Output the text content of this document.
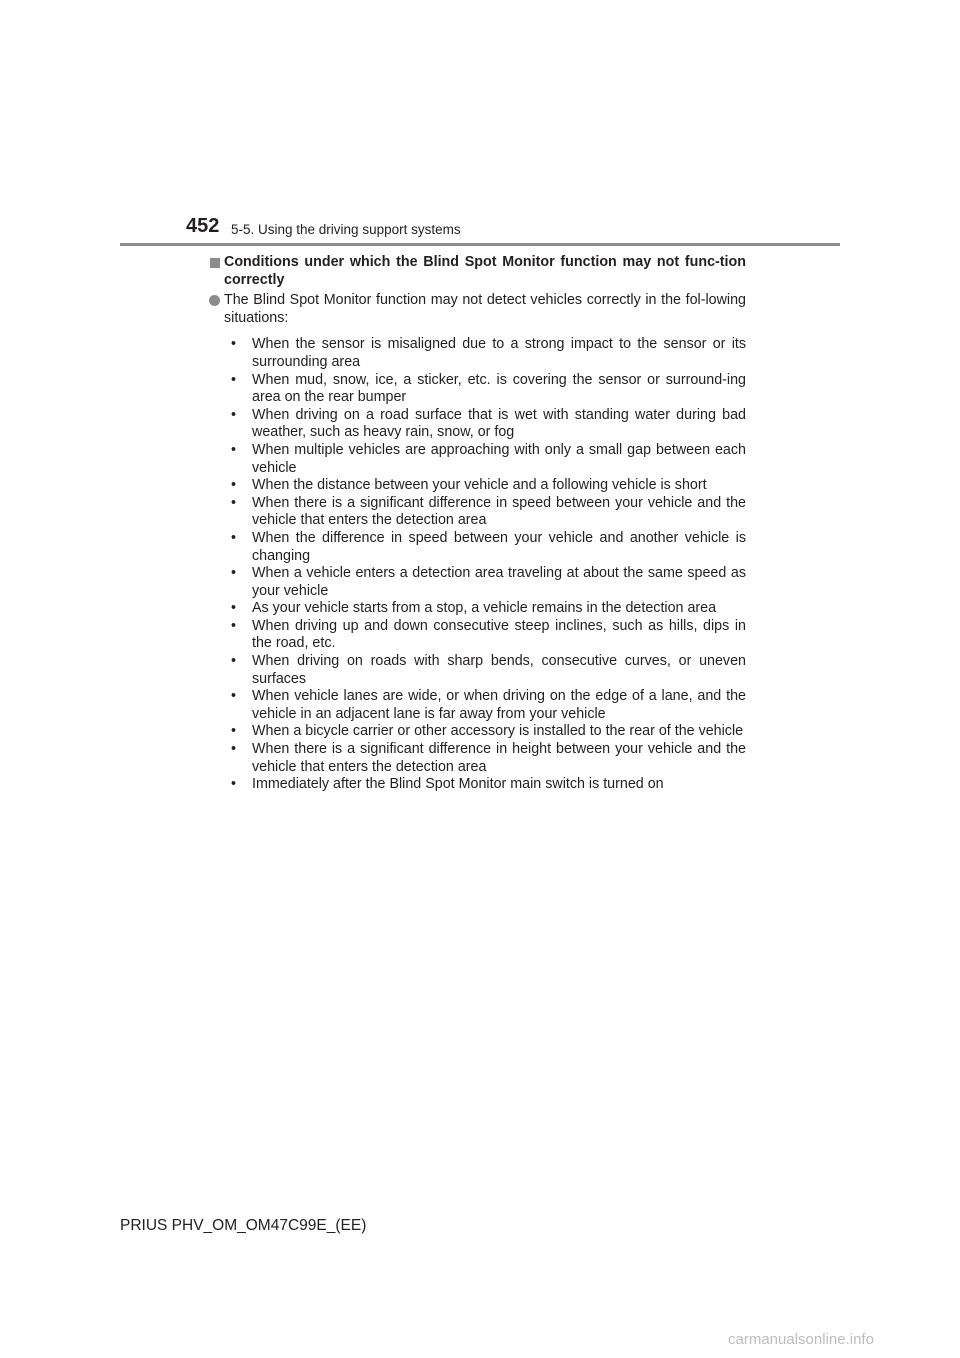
452 5-5. Using the driving support systems
Conditions under which the Blind Spot Monitor function may not func-tion correctly
The Blind Spot Monitor function may not detect vehicles correctly in the fol-lowing situations:
• When the sensor is misaligned due to a strong impact to the sensor or its surrounding area
• When mud, snow, ice, a sticker, etc. is covering the sensor or surround-ing area on the rear bumper
• When driving on a road surface that is wet with standing water during bad weather, such as heavy rain, snow, or fog
• When multiple vehicles are approaching with only a small gap between each vehicle
• When the distance between your vehicle and a following vehicle is short
• When there is a significant difference in speed between your vehicle and the vehicle that enters the detection area
• When the difference in speed between your vehicle and another vehicle is changing
• When a vehicle enters a detection area traveling at about the same speed as your vehicle
• As your vehicle starts from a stop, a vehicle remains in the detection area
• When driving up and down consecutive steep inclines, such as hills, dips in the road, etc.
• When driving on roads with sharp bends, consecutive curves, or uneven surfaces
• When vehicle lanes are wide, or when driving on the edge of a lane, and the vehicle in an adjacent lane is far away from your vehicle
• When a bicycle carrier or other accessory is installed to the rear of the vehicle
• When there is a significant difference in height between your vehicle and the vehicle that enters the detection area
• Immediately after the Blind Spot Monitor main switch is turned on
PRIUS PHV_OM_OM47C99E_(EE)
carmanualsonline.info
